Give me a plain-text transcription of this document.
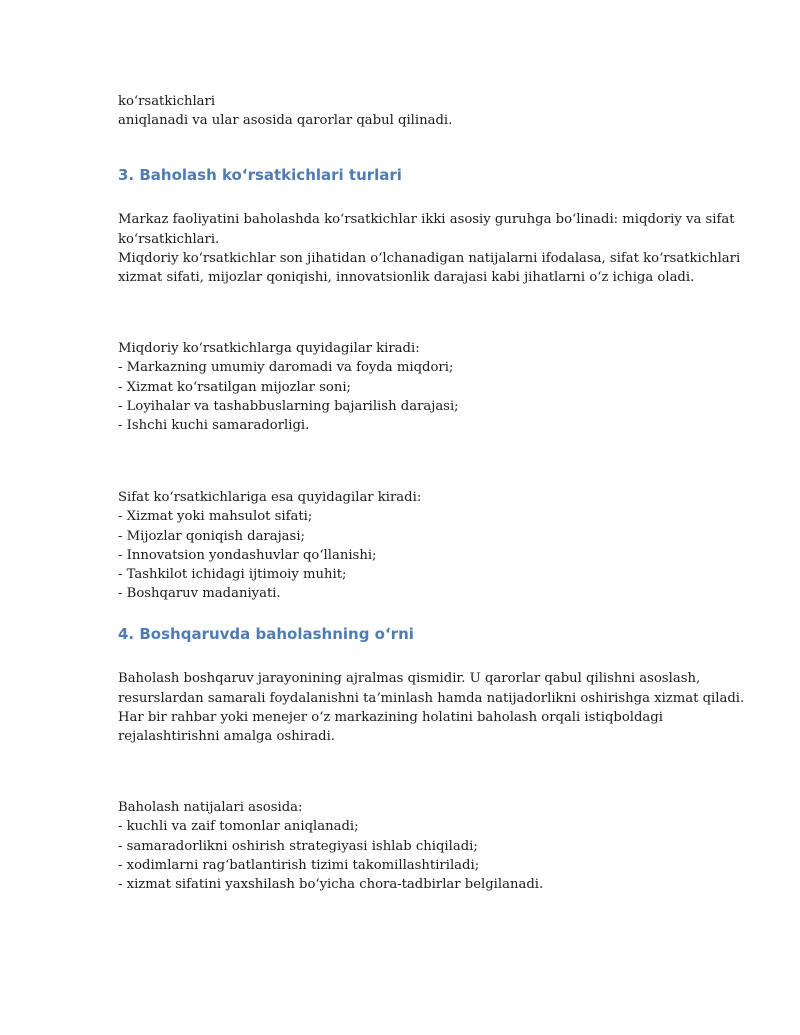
koʻrsatkichlari

aniqlanadi va ular asosida qarorlar qabul qilinadi.

3. Baholash koʻrsatkichlari turlari

Markaz faoliyatini baholashda koʻrsatkichlar ikki asosiy guruhga boʻlinadi: miqdoriy va sifat

koʻrsatkichlari.

Miqdoriy koʻrsatkichlar son jihatidan oʻlchanadigan natijalarni ifodalasa, sifat koʻrsatkichlari

xizmat sifati, mijozlar qoniqishi, innovatsionlik darajasi kabi jihatlarni oʻz ichiga oladi.

Miqdoriy koʻrsatkichlarga quyidagilar kiradi:

- Markazning umumiy daromadi va foyda miqdori;

- Xizmat koʻrsatilgan mijozlar soni;

- Loyihalar va tashabbuslarning bajarilish darajasi;

- Ishchi kuchi samaradorligi.

Sifat koʻrsatkichlariga esa quyidagilar kiradi:

- Xizmat yoki mahsulot sifati;

- Mijozlar qoniqish darajasi;

- Innovatsion yondashuvlar qoʻllanishi;

- Tashkilot ichidagi ijtimoiy muhit;

- Boshqaruv madaniyati.

4. Boshqaruvda baholashning oʻrni

Baholash boshqaruv jarayonining ajralmas qismidir. U qarorlar qabul qilishni asoslash,

resurslardan samarali foydalanishni taʼminlash hamda natijadorlikni oshirishga xizmat qiladi.

Har bir rahbar yoki menejer oʻz markazining holatini baholash orqali istiqboldagi

rejalashtirishni amalga oshiradi.

Baholash natijalari asosida:

- kuchli va zaif tomonlar aniqlanadi;

- samaradorlikni oshirish strategiyasi ishlab chiqiladi;

- xodimlarni ragʻbatlantirish tizimi takomillashtiriladi;

- xizmat sifatini yaxshilash boʻyicha chora-tadbirlar belgilanadi.
